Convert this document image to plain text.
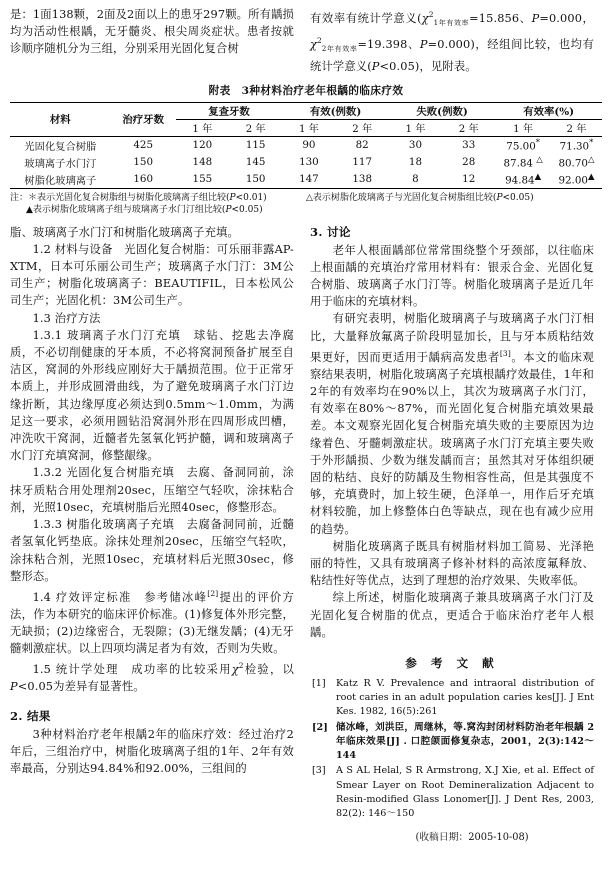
是：1面138颗，2面及2面以上的患牙297颗。所有龋损均为活动性根龋，无牙髓炎、根尖周炎症状。患者按就诊顺序随机分为三组，分别采用光固化复合树

有效率有统计学意义($\chi^2_{1年有效率}=15.856$、P=0.000，$\chi^2_{2年有效率}=19.398$、P=0.000)，经组间比较，也均有统计学意义(P<0.05)，见附表。

附表　3种材料治疗老年根龋的临床疗效
材料	治疗牙数	复查牙数		有效(例数)		失败(例数)		有效率(%)	
		1 年	2 年	1 年	2 年	1 年	2 年	1 年	2 年
光固化复合树脂	425	120	115	90	82	30	33	75.00*	71.30*
玻璃离子水门汀	150	148	145	130	117	18	28	87.84 △	80.70△
树脂化玻璃离子	160	155	150	147	138	8	12	94.84▲	92.00▲
注：＊表示光固化复合树脂组与树脂化玻璃离子组比较(P<0.01)
▲表示树脂化玻璃离子组与玻璃离子水门汀组比较(P<0.05)
△表示树脂化玻璃离子与光固化复合树脂组比较(P<0.05)

脂、玻璃离子水门汀和树脂化玻璃离子充填。

1.2 材料与设备　光固化复合树脂：可乐丽菲露AP-XTM，日本可乐丽公司生产；玻璃离子水门汀：3M公司生产；树脂化玻璃离子：BEAUTIFIL，日本松风公司生产；光固化机：3M公司生产。

1.3 治疗方法

1.3.1 玻璃离子水门汀充填　球钻、挖匙去净腐质，不必切削健康的牙本质，不必将窝洞预备扩展至自洁区，窝洞的外形线应刚好大于龋损范围。位于正常牙本质上，并形成圆滑曲线，为了避免玻璃离子水门汀边缘折断，其边缘厚度必须达到0.5mm～1.0mm，为满足这一要求，必须用圆钻沿窝洞外形在四周形成凹槽，冲洗吹干窝洞，近髓者先氢氧化钙护髓，调和玻璃离子水门汀充填窝洞，修整龈缘。

1.3.2 光固化复合树脂充填　去腐、备洞同前，涂抹牙质粘合用处理剂20sec，压缩空气轻吹，涂抹粘合剂，光照10sec，充填树脂后光照40sec，修整形态。

1.3.3 树脂化玻璃离子充填　去腐备洞同前，近髓者氢氧化钙垫底。涂抹处理剂20sec，压缩空气轻吹，涂抹粘合剂，光照10sec，充填材料后光照30sec，修整形态。

1.4 疗效评定标准　参考储冰峰[2]提出的评价方法，作为本研究的临床评价标准。(1)修复体外形完整，无缺损；(2)边缘密合，无裂隙；(3)无继发龋；(4)无牙髓刺激症状。以上四项均满足者为有效，否则为失败。

1.5 统计学处理　成功率的比较采用$\chi^2$检验，以P<0.05为差异有显著性。

2. 结果

3种材料治疗老年根龋2年的临床疗效：经过治疗2年后，三组治疗中，树脂化玻璃离子组的1年、2年有效率最高，分别达94.84%和92.00%，三组间的

3. 讨论

老年人根面龋部位常常围绕整个牙颈部，以往临床上根面龋的充填治疗常用材料有：银汞合金、光固化复合树脂、玻璃离子水门汀等。树脂化玻璃离子是近几年用于临床的充填材料。

有研究表明，树脂化玻璃离子与玻璃离子水门汀相比，大量释放氟离子阶段明显加长，且与牙本质粘结效果更好，因而更适用于龋病高发患者[3]。本文的临床观察结果表明，树脂化玻璃离子充填根龋疗效最佳，1年和2年的有效率均在90%以上，其次为玻璃离子水门汀，有效率在80%～87%，而光固化复合树脂充填效果最差。本文观察光固化复合树脂充填失败的主要原因为边缘着色、牙髓刺激症状。玻璃离子水门汀充填主要失败于外形龋损、少数为继发龋而言；虽然其对牙体组织硬固的粘结、良好的防龋及生物相容性高，但是其强度不够，充填费时，加上较生硬，色泽单一，用作后牙充填材料较脆，加上修整体白色等缺点，现在也有减少应用的趋势。

树脂化玻璃离子既具有树脂材料加工简易、光泽艳丽的特性，又具有玻璃离子修补材料的高浓度氟释放、粘结性好等优点，达到了理想的治疗效果、失败率低。

综上所述，树脂化玻璃离子兼具玻璃离子水门汀及光固化复合树脂的优点，更适合于临床治疗老年人根龋。

参 考 文 献
[1] Katz R V. Prevalence and intraoral distribution of root caries in an adult population caries kes[J]. J Ent Kes. 1982, 16(5):261
[2] 储冰峰，刘洪臣，周继林，等.窝沟封闭材料防治老年根龋 2 年临床效果[J] . 口腔颌面修复杂志，2001，2(3):142～144
[3] A S AL Helal, S R Armstrong, X.J Xie, et al. Effect of Smear Layer on Root Demineralization Adjacent to Resin-modified Glass Lonomer[J]. J Dent Res, 2003, 82(2): 146～150
(收稿日期：2005-10-08)
